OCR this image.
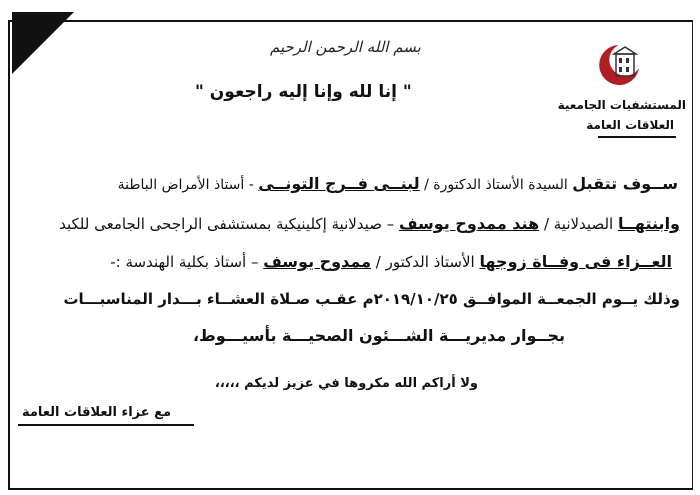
بسم الله الرحمن الرحيم
" إنا لله وإنا إليه راجعون "
المستشفيات الجامعية
العلاقات العامة
ســوف تتقبل السيدة الأستاذ الدكتورة / لبنــى فــرج التونــى - أستاذ الأمراض الباطنة
وابنتهــا الصيدلانية / هند ممدوح يوسف – صيدلانية إكلينيكية بمستشفى الراجحى الجامعى للكبد
العــزاء فى وفــاة زوجها الأستاذ الدكتور / ممدوح يوسف – أستاذ بكلية الهندسة :-
وذلك يــوم الجمعــة الموافــق ٢٠١٩/١٠/٢٥م عقـب صـلاة العشــاء بـــدار المناسبـــات
بجــوار مديريـــة الشـــئون الصحيـــة بأسيـــوط،
ولا أراكم الله مكروها في عزيز لديكم ،،،،،
مع عزاء العلاقات العامة
